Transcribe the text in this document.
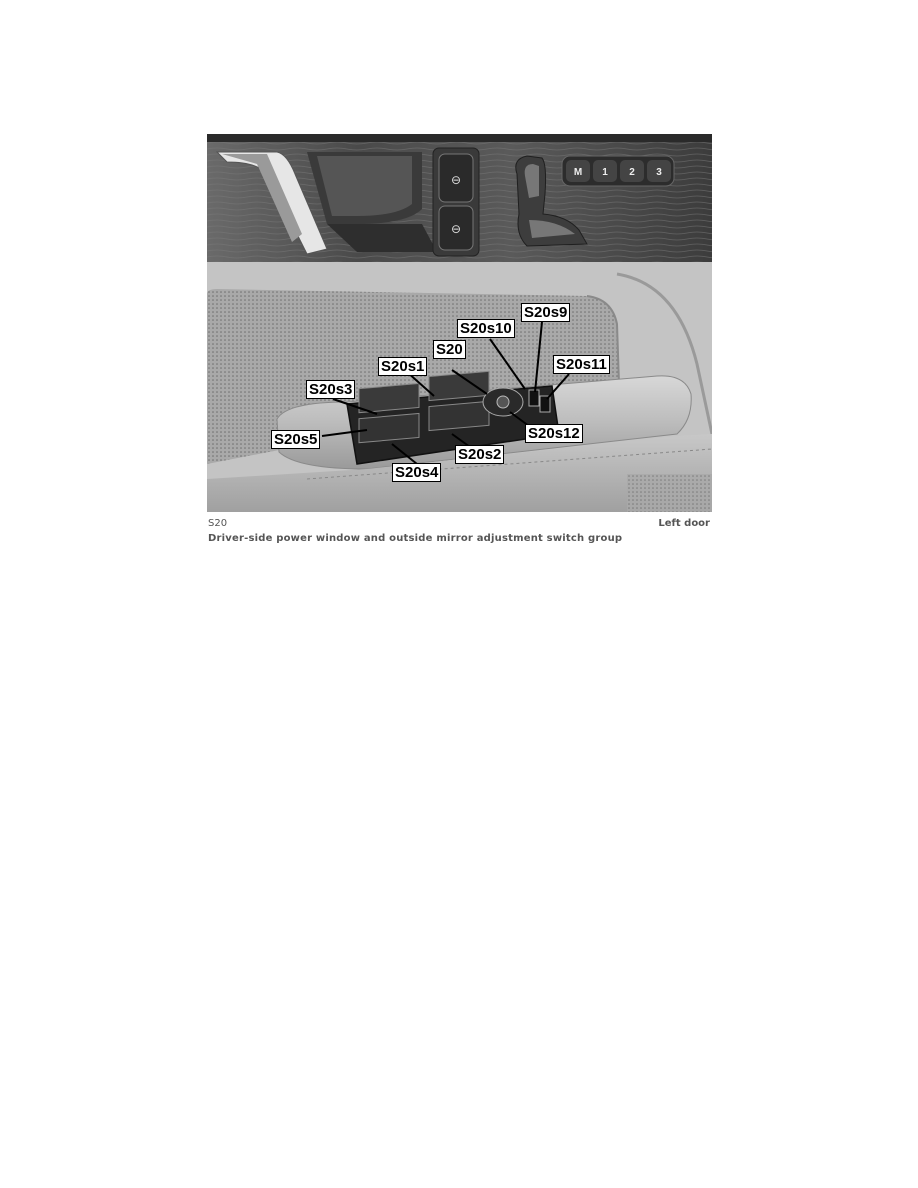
⊖
⊖
M 1 2 3
S20s9
S20s10
S20
S20s1	S20s11
S20s3
S20s5	S20s12
S20s2
S20s4
S20	Left door
Driver-side power window and outside mirror adjustment switch group
